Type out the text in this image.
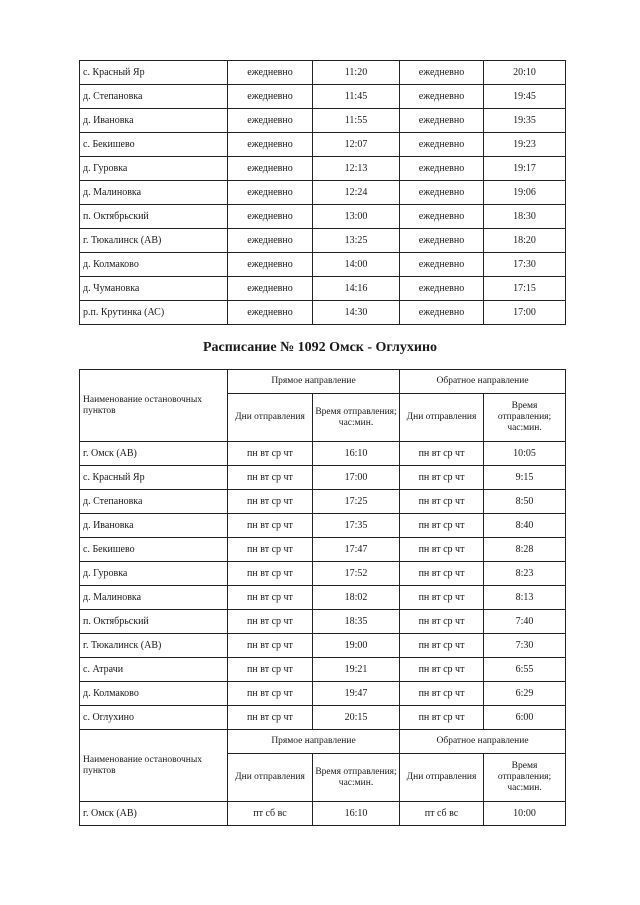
с. Красный Яр	ежедневно	11:20	ежедневно	20:10
д. Степановка	ежедневно	11:45	ежедневно	19:45
д. Ивановка	ежедневно	11:55	ежедневно	19:35
с. Бекишево	ежедневно	12:07	ежедневно	19:23
д. Гуровка	ежедневно	12:13	ежедневно	19:17
д. Малиновка	ежедневно	12:24	ежедневно	19:06
п. Октябрьский	ежедневно	13:00	ежедневно	18:30
г. Тюкалинск (АВ)	ежедневно	13:25	ежедневно	18:20
д. Колмаково	ежедневно	14:00	ежедневно	17:30
д. Чумановка	ежедневно	14:16	ежедневно	17:15
р.п. Крутинка (АС)	ежедневно	14:30	ежедневно	17:00
Расписание № 1092 Омск - Оглухино
Наименование остановочных пунктов	Прямое направление		Обратное направление	
	Дни отправления	Время отправления; час:мин.	Дни отправления	Время отправления; час:мин.
г. Омск (АВ)	пн вт ср чт	16:10	пн вт ср чт	10:05
с. Красный Яр	пн вт ср чт	17:00	пн вт ср чт	9:15
д. Степановка	пн вт ср чт	17:25	пн вт ср чт	8:50
д. Ивановка	пн вт ср чт	17:35	пн вт ср чт	8:40
с. Бекишево	пн вт ср чт	17:47	пн вт ср чт	8:28
д. Гуровка	пн вт ср чт	17:52	пн вт ср чт	8:23
д. Малиновка	пн вт ср чт	18:02	пн вт ср чт	8:13
п. Октябрьский	пн вт ср чт	18:35	пн вт ср чт	7:40
г. Тюкалинск (АВ)	пн вт ср чт	19:00	пн вт ср чт	7:30
с. Атрачи	пн вт ср чт	19:21	пн вт ср чт	6:55
д. Колмаково	пн вт ср чт	19:47	пн вт ср чт	6:29
с. Оглухино	пн вт ср чт	20:15	пн вт ср чт	6:00
Наименование остановочных пунктов	Прямое направление		Обратное направление	
	Дни отправления	Время отправления; час:мин.	Дни отправления	Время отправления; час:мин.
г. Омск (АВ)	пт сб вс	16:10	пт сб вс	10:00
